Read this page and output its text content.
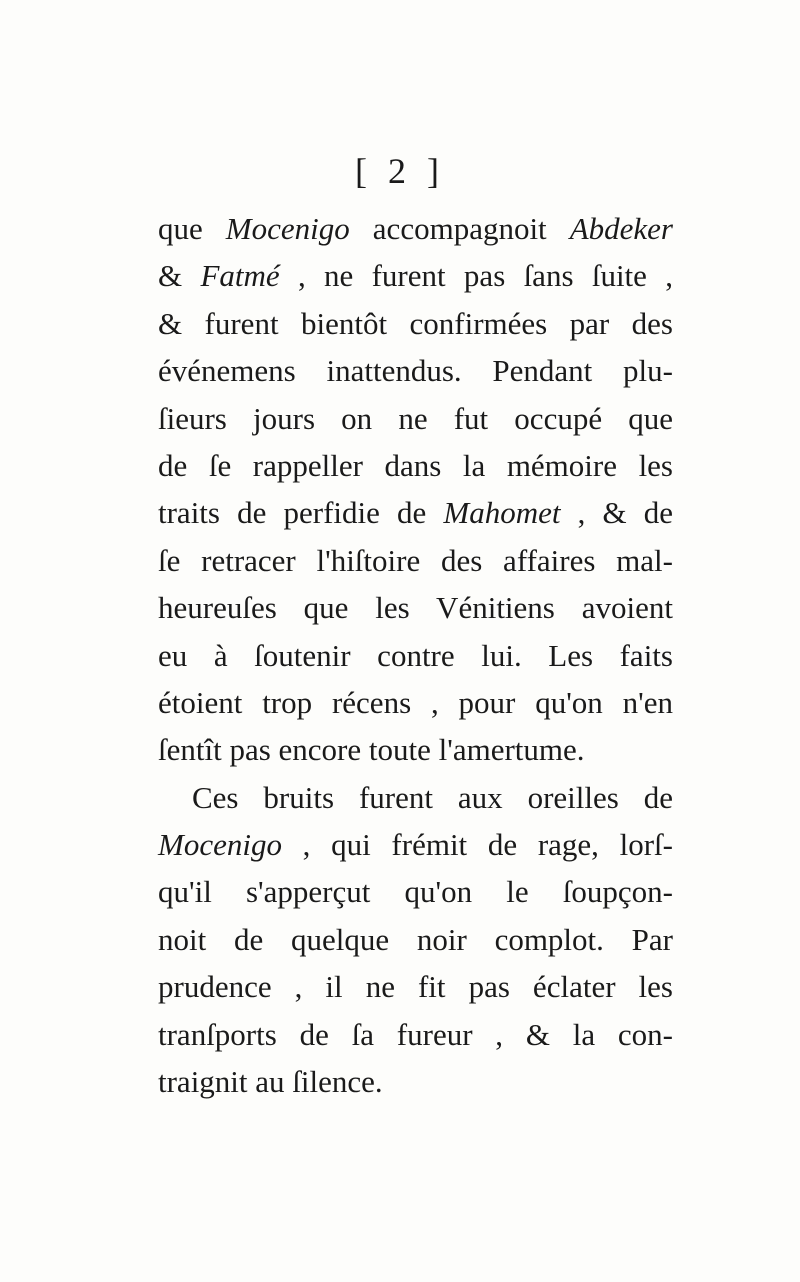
[ 2 ]
que Mocenigo accompagnoit Abdeker
& Fatmé , ne furent pas ſans ſuite ,
& furent bientôt confirmées par des
événemens inattendus. Pendant plu-
ſieurs jours on ne fut occupé que
de ſe rappeller dans la mémoire les
traits de perfidie de Mahomet , & de
ſe retracer l'hiſtoire des affaires mal-
heureuſes que les Vénitiens avoient
eu à ſoutenir contre lui. Les faits
étoient trop récens , pour qu'on n'en
ſentît pas encore toute l'amertume.
Ces bruits furent aux oreilles de
Mocenigo , qui frémit de rage, lorſ-
qu'il s'apperçut qu'on le ſoupçon-
noit de quelque noir complot. Par
prudence , il ne fit pas éclater les
tranſports de ſa fureur , & la con-
traignit au ſilence.
